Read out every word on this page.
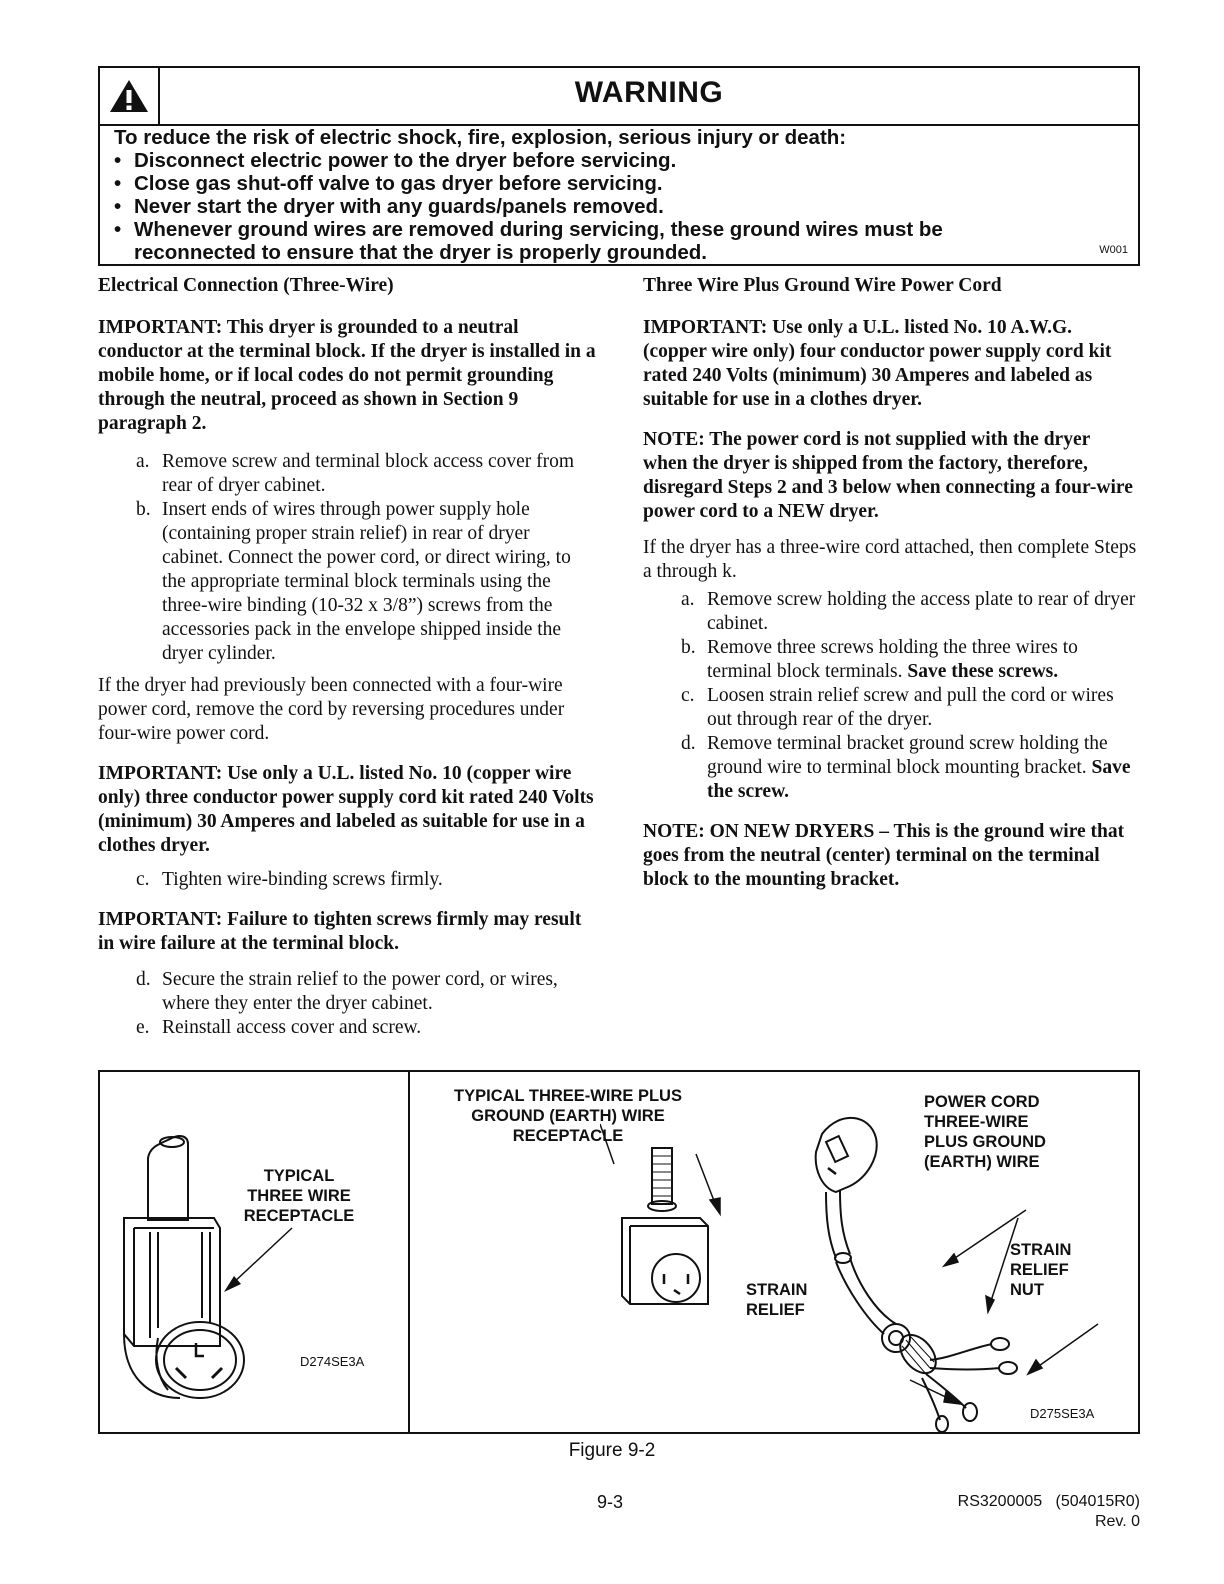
WARNING
To reduce the risk of electric shock, fire, explosion, serious injury or death:
• Disconnect electric power to the dryer before servicing.
• Close gas shut-off valve to gas dryer before servicing.
• Never start the dryer with any guards/panels removed.
• Whenever ground wires are removed during servicing, these ground wires must be
reconnected to ensure that the dryer is properly grounded.	W001

Electrical Connection (Three-Wire)

IMPORTANT: This dryer is grounded to a neutral conductor at the terminal block. If the dryer is installed in a mobile home, or if local codes do not permit grounding through the neutral, proceed as shown in Section 9 paragraph 2.

a. Remove screw and terminal block access cover from rear of dryer cabinet.
b. Insert ends of wires through power supply hole (containing proper strain relief) in rear of dryer cabinet. Connect the power cord, or direct wiring, to the appropriate terminal block terminals using the three-wire binding (10-32 x 3/8”) screws from the accessories pack in the envelope shipped inside the dryer cylinder.

If the dryer had previously been connected with a four-wire power cord, remove the cord by reversing procedures under four-wire power cord.

IMPORTANT: Use only a U.L. listed No. 10 (copper wire only) three conductor power supply cord kit rated 240 Volts (minimum) 30 Amperes and labeled as suitable for use in a clothes dryer.

c. Tighten wire-binding screws firmly.

IMPORTANT: Failure to tighten screws firmly may result in wire failure at the terminal block.

d. Secure the strain relief to the power cord, or wires, where they enter the dryer cabinet.
e. Reinstall access cover and screw.

Three Wire Plus Ground Wire Power Cord

IMPORTANT: Use only a U.L. listed No. 10 A.W.G. (copper wire only) four conductor power supply cord kit rated 240 Volts (minimum) 30 Amperes and labeled as suitable for use in a clothes dryer.

NOTE: The power cord is not supplied with the dryer when the dryer is shipped from the factory, therefore, disregard Steps 2 and 3 below when connecting a four-wire power cord to a NEW dryer.

If the dryer has a three-wire cord attached, then complete Steps a through k.

a. Remove screw holding the access plate to rear of dryer cabinet.
b. Remove three screws holding the three wires to terminal block terminals. Save these screws.
c. Loosen strain relief screw and pull the cord or wires out through rear of the dryer.
d. Remove terminal bracket ground screw holding the ground wire to terminal block mounting bracket. Save the screw.

NOTE: ON NEW DRYERS – This is the ground wire that goes from the neutral (center) terminal on the terminal block to the mounting bracket.

TYPICAL
THREE WIRE
RECEPTACLE
D274SE3A
TYPICAL THREE-WIRE PLUS
GROUND (EARTH) WIRE
RECEPTACLE
POWER CORD
THREE-WIRE
PLUS GROUND
(EARTH) WIRE
STRAIN
RELIEF
STRAIN
RELIEF
NUT
D275SE3A
Figure 9-2
9-3	RS3200005   (504015R0)
Rev. 0
